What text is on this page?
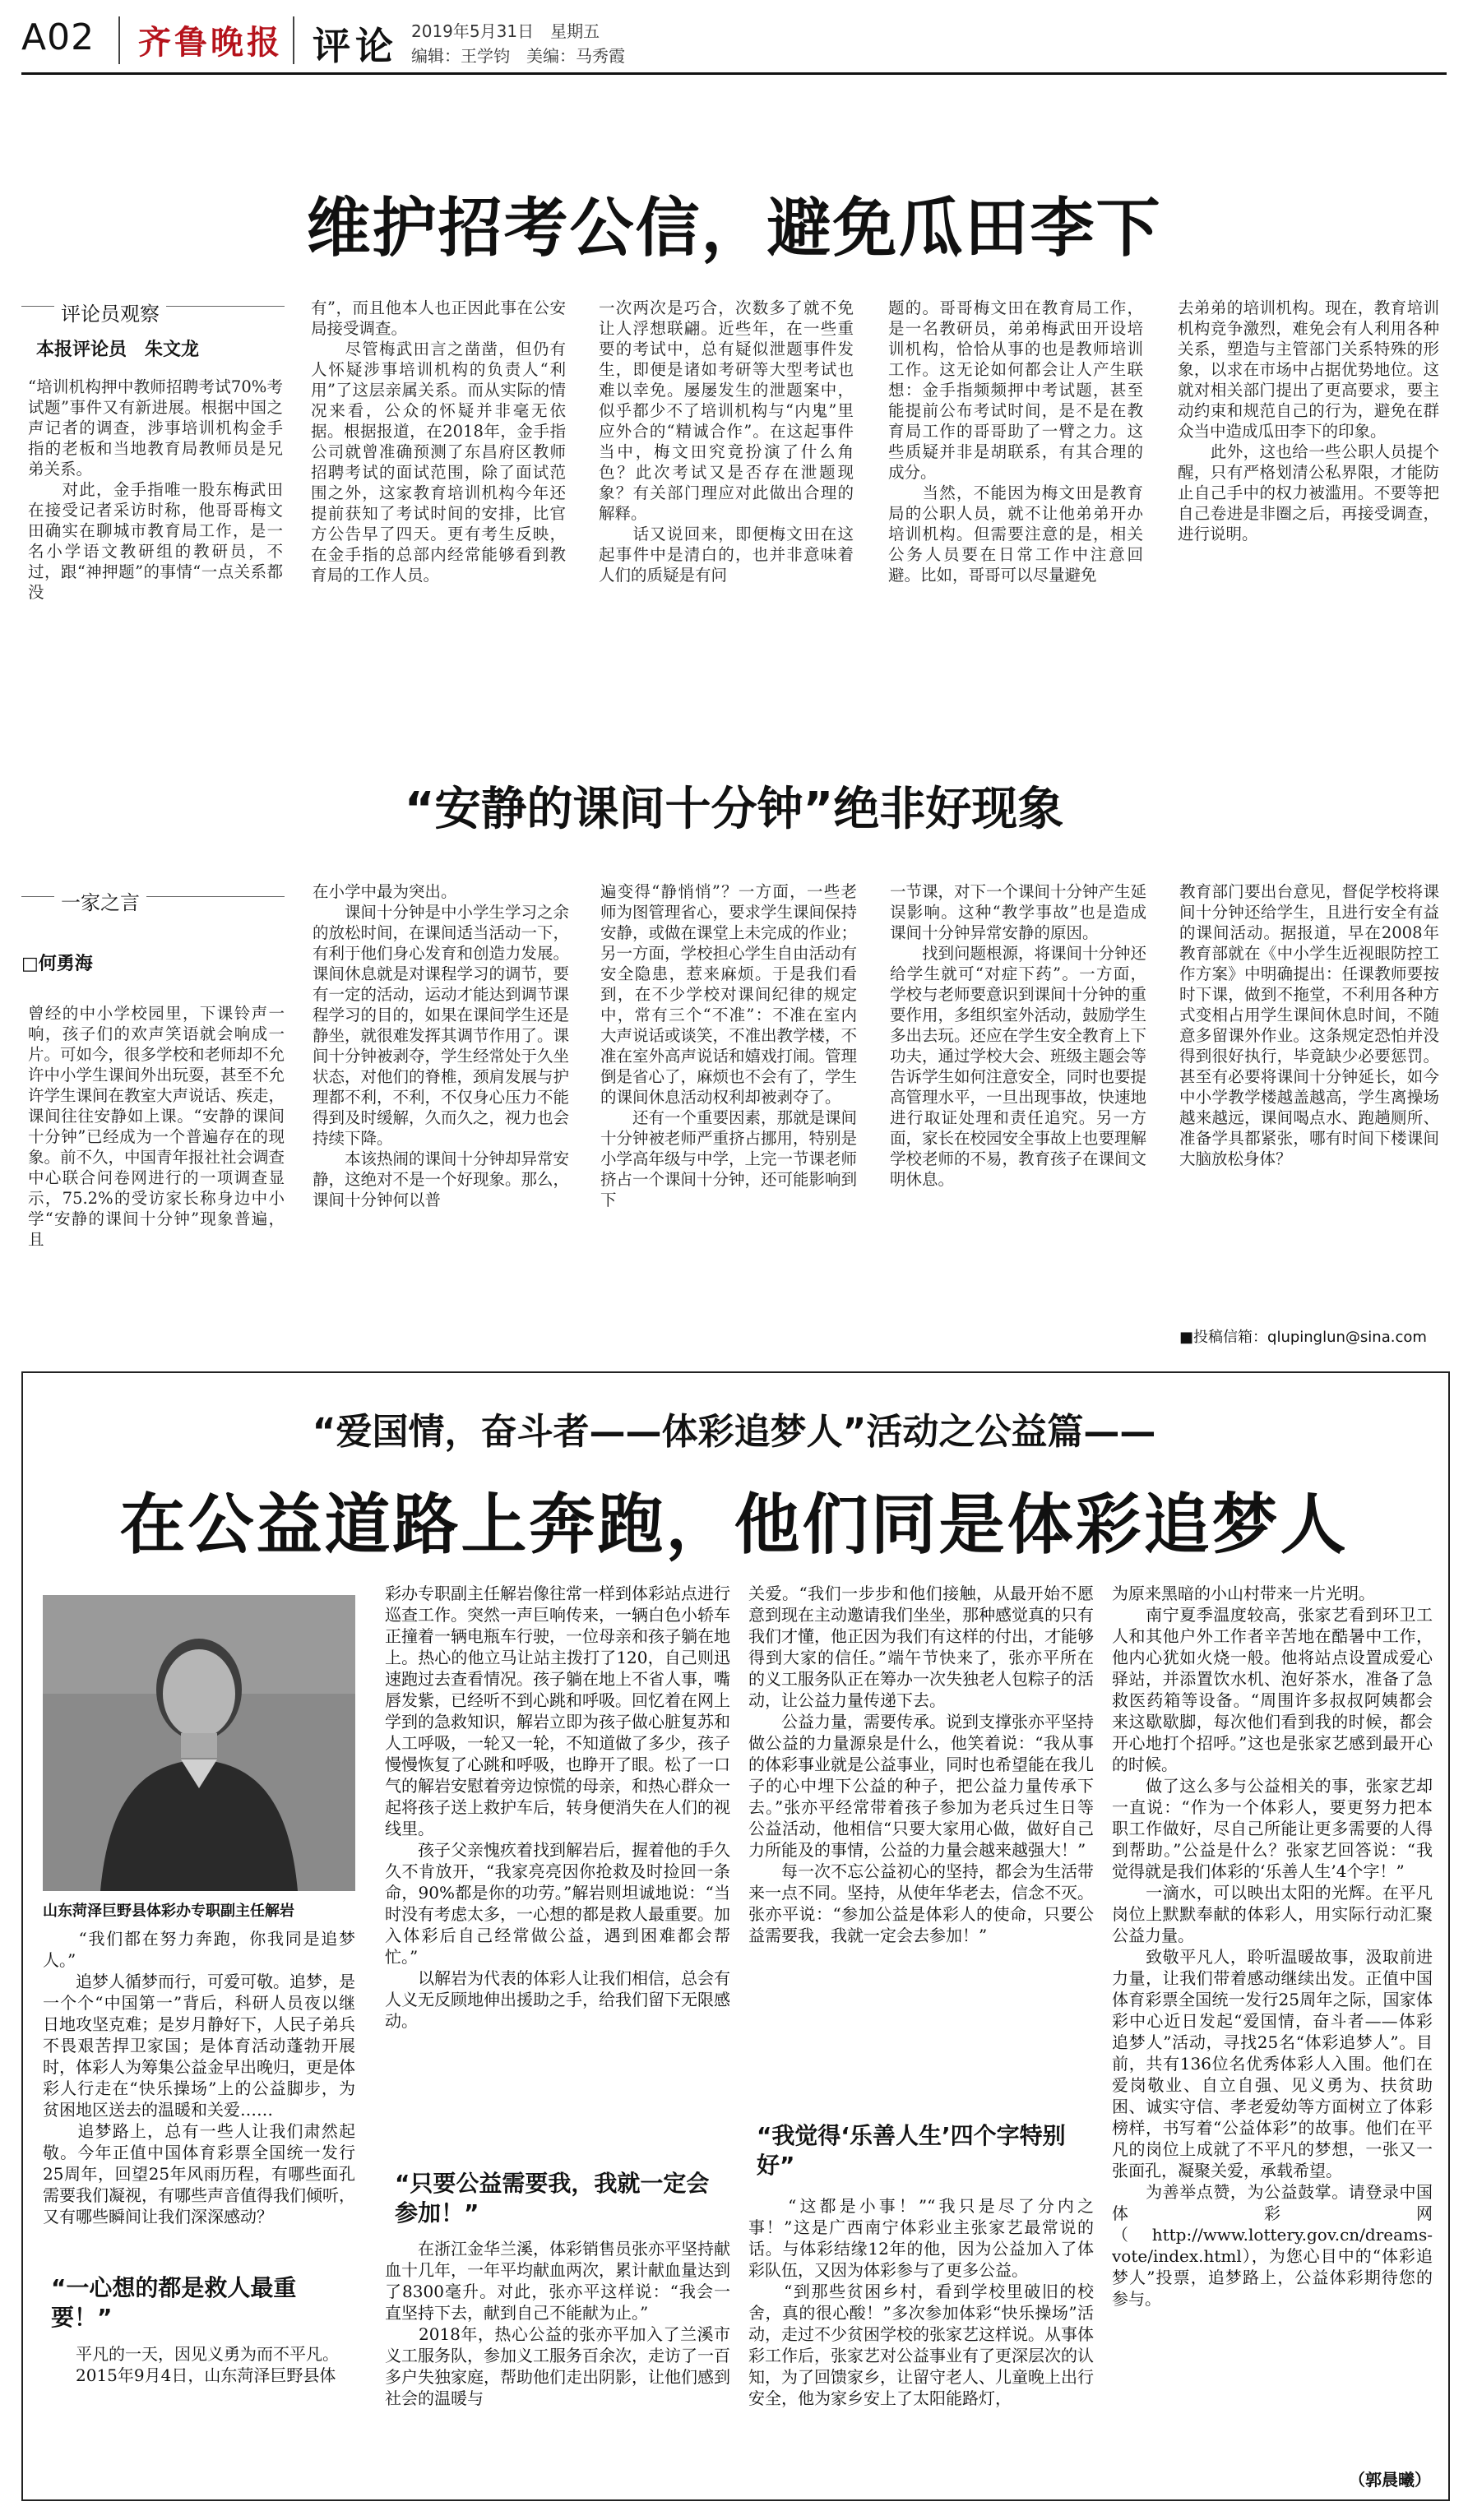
A02 齐鲁晚报 评论 2019年5月31日　星期五
编辑：王学钧　美编：马秀霞
维护招考公信，避免瓜田李下
评论员观察
本报评论员　朱文龙
“培训机构押中教师招聘考试70%考试题”事件又有新进展。根据中国之声记者的调查，涉事培训机构金手指的老板和当地教育局教师员是兄弟关系。
　　对此，金手指唯一股东梅武田在接受记者采访时称，他哥哥梅文田确实在聊城市教育局工作，是一名小学语文教研组的教研员，不过，跟“神押题”的事情“一点关系都没
有”，而且他本人也正因此事在公安局接受调查。
　　尽管梅武田言之凿凿，但仍有人怀疑涉事培训机构的负责人“利用”了这层亲属关系。而从实际的情况来看，公众的怀疑并非毫无依据。根据报道，在2018年，金手指公司就曾准确预测了东昌府区教师招聘考试的面试范围，除了面试范围之外，这家教育培训机构今年还提前获知了考试时间的安排，比官方公告早了四天。更有考生反映，在金手指的总部内经常能够看到教育局的工作人员。
一次两次是巧合，次数多了就不免让人浮想联翩。近些年，在一些重要的考试中，总有疑似泄题事件发生，即便是诸如考研等大型考试也难以幸免。屡屡发生的泄题案中，似乎都少不了培训机构与“内鬼”里应外合的“精诚合作”。在这起事件当中，梅文田究竟扮演了什么角色？此次考试又是否存在泄题现象？有关部门理应对此做出合理的解释。
　　话又说回来，即便梅文田在这起事件中是清白的，也并非意味着人们的质疑是有问
题的。哥哥梅文田在教育局工作，是一名教研员，弟弟梅武田开设培训机构，恰恰从事的也是教师培训工作。这无论如何都会让人产生联想：金手指频频押中考试题，甚至能提前公布考试时间，是不是在教育局工作的哥哥助了一臂之力。这些质疑并非是胡联系，有其合理的成分。
　　当然，不能因为梅文田是教育局的公职人员，就不让他弟弟开办培训机构。但需要注意的是，相关公务人员要在日常工作中注意回避。比如，哥哥可以尽量避免
去弟弟的培训机构。现在，教育培训机构竞争激烈，难免会有人利用各种关系，塑造与主管部门关系特殊的形象，以求在市场中占据优势地位。这就对相关部门提出了更高要求，要主动约束和规范自己的行为，避免在群众当中造成瓜田李下的印象。
　　此外，这也给一些公职人员提个醒，只有严格划清公私界限，才能防止自己手中的权力被滥用。不要等把自己卷进是非圈之后，再接受调查，进行说明。
“安静的课间十分钟”绝非好现象
一家之言
□何勇海
曾经的中小学校园里，下课铃声一响，孩子们的欢声笑语就会响成一片。可如今，很多学校和老师却不允许中小学生课间外出玩耍，甚至不允许学生课间在教室大声说话、疾走，课间往往安静如上课。“安静的课间十分钟”已经成为一个普遍存在的现象。前不久，中国青年报社社会调查中心联合问卷网进行的一项调查显示，75.2%的受访家长称身边中小学“安静的课间十分钟”现象普遍，且
在小学中最为突出。
　　课间十分钟是中小学生学习之余的放松时间，在课间适当活动一下，有利于他们身心发育和创造力发展。课间休息就是对课程学习的调节，要有一定的活动，运动才能达到调节课程学习的目的，如果在课间学生还是静坐，就很难发挥其调节作用了。课间十分钟被剥夺，学生经常处于久坐状态，对他们的脊椎，颈肩发展与护理都不利，不利，不仅身心压力不能得到及时缓解，久而久之，视力也会持续下降。
　　本该热闹的课间十分钟却异常安静，这绝对不是一个好现象。那么，课间十分钟何以普
遍变得“静悄悄”？一方面，一些老师为图管理省心，要求学生课间保持安静，或做在课堂上未完成的作业；另一方面，学校担心学生自由活动有安全隐患，惹来麻烦。于是我们看到，在不少学校对课间纪律的规定中，常有三个“不准”：不准在室内大声说话或谈笑，不准出教学楼，不准在室外高声说话和嬉戏打闹。管理倒是省心了，麻烦也不会有了，学生的课间休息活动权利却被剥夺了。
　　还有一个重要因素，那就是课间十分钟被老师严重挤占挪用，特别是小学高年级与中学，上完一节课老师挤占一个课间十分钟，还可能影响到下
一节课，对下一个课间十分钟产生延误影响。这种“教学事故”也是造成课间十分钟异常安静的原因。
　　找到问题根源，将课间十分钟还给学生就可“对症下药”。一方面，学校与老师要意识到课间十分钟的重要作用，多组织室外活动，鼓励学生多出去玩。还应在学生安全教育上下功夫，通过学校大会、班级主题会等告诉学生如何注意安全，同时也要提高管理水平，一旦出现事故，快速地进行取证处理和责任追究。另一方面，家长在校园安全事故上也要理解学校老师的不易，教育孩子在课间文明休息。
教育部门要出台意见，督促学校将课间十分钟还给学生，且进行安全有益的课间活动。据报道，早在2008年教育部就在《中小学生近视眼防控工作方案》中明确提出：任课教师要按时下课，做到不拖堂，不利用各种方式变相占用学生课间休息时间，不随意多留课外作业。这条规定恐怕并没得到很好执行，毕竟缺少必要惩罚。甚至有必要将课间十分钟延长，如今中小学教学楼越盖越高，学生离操场越来越远，课间喝点水、跑趟厕所、准备学具都紧张，哪有时间下楼课间大脑放松身体？
■投稿信箱：qlupinglun@sina.com
“爱国情，奋斗者——体彩追梦人”活动之公益篇——
在公益道路上奔跑，他们同是体彩追梦人
山东菏泽巨野县体彩办专职副主任解岩
　　“我们都在努力奔跑，你我同是追梦人。”
　　追梦人循梦而行，可爱可敬。追梦，是一个个“中国第一”背后，科研人员夜以继日地攻坚克难；是岁月静好下，人民子弟兵不畏艰苦捍卫家国；是体育活动蓬勃开展时，体彩人为筹集公益金早出晚归，更是体彩人行走在“快乐操场”上的公益脚步，为贫困地区送去的温暖和关爱……
　　追梦路上，总有一些人让我们肃然起敬。今年正值中国体育彩票全国统一发行25周年，回望25年风雨历程，有哪些面孔需要我们凝视，有哪些声音值得我们倾听，又有哪些瞬间让我们深深感动？
“一心想的都是救人最重要！”
　　平凡的一天，因见义勇为而不平凡。
　　2015年9月4日，山东菏泽巨野县体
彩办专职副主任解岩像往常一样到体彩站点进行巡查工作。突然一声巨响传来，一辆白色小轿车正撞着一辆电瓶车行驶，一位母亲和孩子躺在地上。热心的他立马让站主拨打了120，自己则迅速跑过去查看情况。孩子躺在地上不省人事，嘴唇发紫，已经听不到心跳和呼吸。回忆着在网上学到的急救知识，解岩立即为孩子做心脏复苏和人工呼吸，一轮又一轮，不知道做了多少，孩子慢慢恢复了心跳和呼吸，也睁开了眼。松了一口气的解岩安慰着旁边惊慌的母亲，和热心群众一起将孩子送上救护车后，转身便消失在人们的视线里。
　　孩子父亲愧疚着找到解岩后，握着他的手久久不肯放开，“我家亮亮因你抢救及时捡回一条命，90%都是你的功劳。”解岩则坦诚地说：“当时没有考虑太多，一心想的都是救人最重要。加入体彩后自己经常做公益，遇到困难都会帮忙。”
　　以解岩为代表的体彩人让我们相信，总会有人义无反顾地伸出援助之手，给我们留下无限感动。
“只要公益需要我，我就一定会参加！”
　　在浙江金华兰溪，体彩销售员张亦平坚持献血十几年，一年平均献血两次，累计献血量达到了8300毫升。对此，张亦平这样说：“我会一直坚持下去，献到自己不能献为止。”
　　2018年，热心公益的张亦平加入了兰溪市义工服务队，参加义工服务百余次，走访了一百多户失独家庭，帮助他们走出阴影，让他们感到社会的温暖与
关爱。“我们一步步和他们接触，从最开始不愿意到现在主动邀请我们坐坐，那种感觉真的只有我们才懂，他正因为我们有这样的付出，才能够得到大家的信任。”端午节快来了，张亦平所在的义工服务队正在筹办一次失独老人包粽子的活动，让公益力量传递下去。
　　公益力量，需要传承。说到支撑张亦平坚持做公益的力量源泉是什么，他笑着说：“我从事的体彩事业就是公益事业，同时也希望能在我儿子的心中埋下公益的种子，把公益力量传承下去。”张亦平经常带着孩子参加为老兵过生日等公益活动，他相信“只要大家用心做，做好自己力所能及的事情，公益的力量会越来越强大！”
　　每一次不忘公益初心的坚持，都会为生活带来一点不同。坚持，从使年华老去，信念不灭。张亦平说：“参加公益是体彩人的使命，只要公益需要我，我就一定会去参加！”
“我觉得‘乐善人生’四个字特别好”
　　“这都是小事！”“我只是尽了分内之事！”这是广西南宁体彩业主张家艺最常说的话。与体彩结缘12年的他，因为公益加入了体彩队伍，又因为体彩参与了更多公益。
　　“到那些贫困乡村，看到学校里破旧的校舍，真的很心酸！”多次参加体彩“快乐操场”活动，走过不少贫困学校的张家艺这样说。从事体彩工作后，张家艺对公益事业有了更深层次的认知，为了回馈家乡，让留守老人、儿童晚上出行安全，他为家乡安上了太阳能路灯，
为原来黑暗的小山村带来一片光明。
　　南宁夏季温度较高，张家艺看到环卫工人和其他户外工作者辛苦地在酷暑中工作，他内心犹如火烧一般。他将站点设置成爱心驿站，并添置饮水机、泡好茶水，准备了急救医药箱等设备。“周围许多叔叔阿姨都会来这歇歇脚，每次他们看到我的时候，都会开心地打个招呼。”这也是张家艺感到最开心的时候。
　　做了这么多与公益相关的事，张家艺却一直说：“作为一个体彩人，要更努力把本职工作做好，尽自己所能让更多需要的人得到帮助。”公益是什么？张家艺回答说：“我觉得就是我们体彩的‘乐善人生’4个字！”
　　一滴水，可以映出太阳的光辉。在平凡岗位上默默奉献的体彩人，用实际行动汇聚公益力量。
　　致敬平凡人，聆听温暖故事，汲取前进力量，让我们带着感动继续出发。正值中国体育彩票全国统一发行25周年之际，国家体彩中心近日发起“爱国情，奋斗者——体彩追梦人”活动，寻找25名“体彩追梦人”。目前，共有136位名优秀体彩人入围。他们在爱岗敬业、自立自强、见义勇为、扶贫助困、诚实守信、孝老爱幼等方面树立了体彩榜样，书写着“公益体彩”的故事。他们在平凡的岗位上成就了不平凡的梦想，一张又一张面孔，凝聚关爱，承载希望。
　　为善举点赞，为公益鼓掌。请登录中国体彩网（http://www.lottery.gov.cn/dreams-vote/index.html），为您心目中的“体彩追梦人”投票，追梦路上，公益体彩期待您的参与。
（郭晨曦）
